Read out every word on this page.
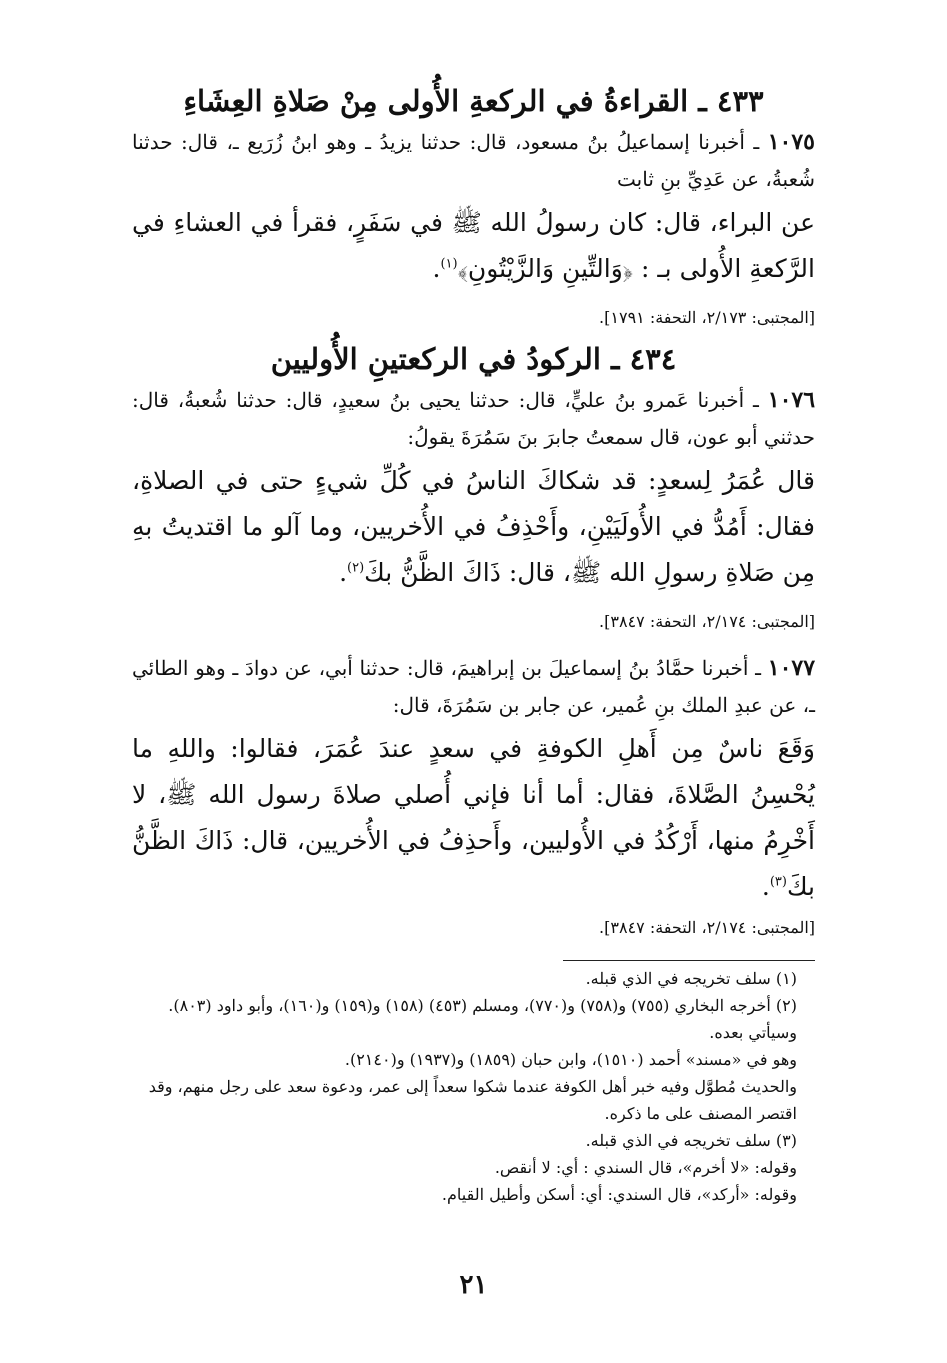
٤٣٣ ـ القراءةُ في الركعةِ الأُولى مِنْ صَلاةِ العِشَاءِ

١٠٧٥ ـ أخبرنا إسماعيلُ بنُ مسعود، قال: حدثنا يزيدُ ـ وهو ابنُ زُرَيع ـ، قال: حدثنا شُعبةُ، عن عَدِيِّ بنِ ثابت

عن البراء، قال: كان رسولُ الله ﷺ في سَفَرٍ، فقرأ في العشاءِ في الرَّكعةِ الأُولى بـ : ﴿وَالتِّينِ وَالزَّيْتُونِ﴾$^{(١)}$.

[المجتبى: ٢/١٧٣، التحفة: ١٧٩١].

٤٣٤ ـ الركودُ في الركعتينِ الأُوليين

١٠٧٦ ـ أخبرنا عَمرو بنُ عليٍّ، قال: حدثنا يحيى بنُ سعيدٍ، قال: حدثنا شُعبةُ، قال: حدثني أبو عون، قال سمعتُ جابرَ بنَ سَمُرَةَ يقولُ:

قال عُمَرُ لِسعدٍ: قد شكاكَ الناسُ في كُلِّ شيءٍ حتى في الصلاةِ، فقال: أَمُدُّ في الأُولَيَيْنِ، وأَحْذِفُ في الأُخريين، وما آلو ما اقتديتُ بهِ مِن صَلاةِ رسولِ الله ﷺ، قال: ذَاكَ الظَّنُّ بكَ$^{(٢)}$.

[المجتبى: ٢/١٧٤، التحفة: ٣٨٤٧].

١٠٧٧ ـ أخبرنا حمَّادُ بنُ إسماعيلَ بن إبراهيمَ، قال: حدثنا أبي، عن دوادَ ـ وهو الطائي ـ، عن عبدِ الملك بنِ عُمير، عن جابر بن سَمُرَةَ، قال:

وَقَعَ ناسٌ مِن أَهلِ الكوفةِ في سعدٍ عندَ عُمَرَ، فقالوا: واللهِ ما يُحْسِنُ الصَّلاةَ، فقال: أما أنا فإني أُصلي صلاةَ رسول الله ﷺ، لا أَخْرِمُ منها، أَرْكُدُ في الأُوليين، وأَحذِفُ في الأُخريين، قال: ذَاكَ الظَّنُّ بكَ$^{(٣)}$.

[المجتبى: ٢/١٧٤، التحفة: ٣٨٤٧].

(١) سلف تخريجه في الذي قبله.

(٢) أخرجه البخاري (٧٥٥) و(٧٥٨) و(٧٧٠)، ومسلم (٤٥٣) (١٥٨) و(١٥٩) و(١٦٠)، وأبو داود (٨٠٣).

وسيأتي بعده.

وهو في «مسند» أحمد (١٥١٠)، وابن حبان (١٨٥٩) و(١٩٣٧) و(٢١٤٠).

والحديث مُطوَّل وفيه خبر أهل الكوفة عندما شكوا سعداً إلى عمر، ودعوة سعد على رجل منهم، وقد اقتصر المصنف على ما ذكره.

(٣) سلف تخريجه في الذي قبله.

وقوله: «لا أخرم»، قال السندي : أي: لا أنقص.

وقوله: «أركد»، قال السندي: أي: أسكن وأطيل القيام.

٢١
